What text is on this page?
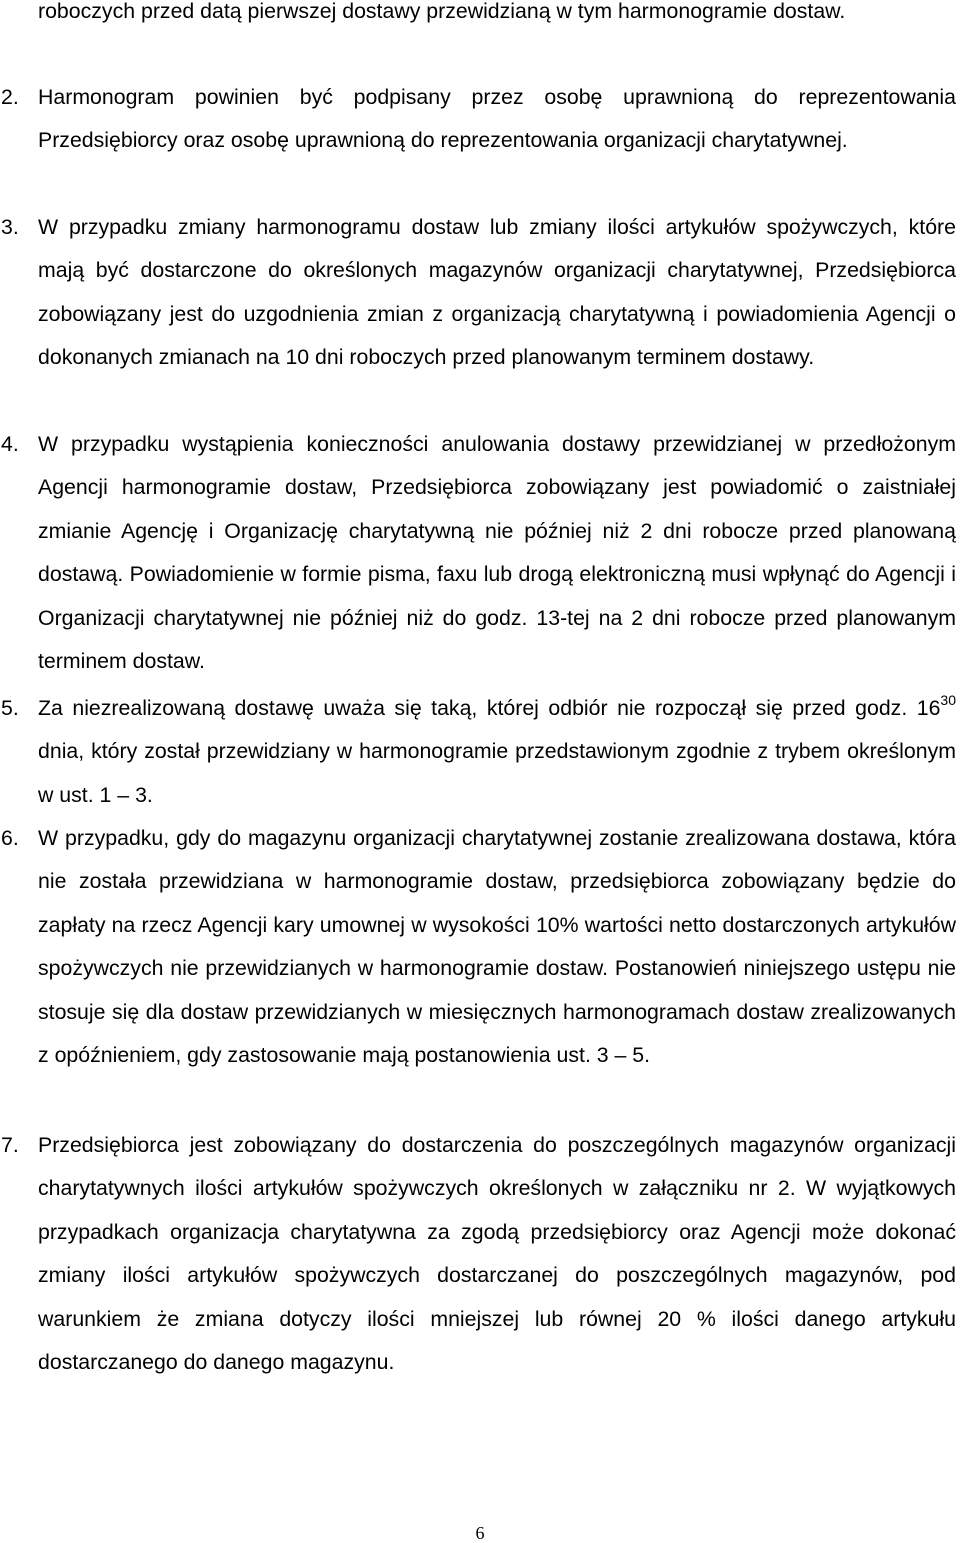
roboczych przed datą pierwszej dostawy przewidzianą w tym harmonogramie dostaw.

2. Harmonogram powinien być podpisany przez osobę uprawnioną do reprezentowania Przedsiębiorcy oraz osobę uprawnioną do reprezentowania organizacji charytatywnej.

3. W przypadku zmiany harmonogramu dostaw lub zmiany ilości artykułów spożywczych, które mają być dostarczone do określonych magazynów organizacji charytatywnej, Przedsiębiorca zobowiązany jest do uzgodnienia zmian z organizacją charytatywną i powiadomienia Agencji o dokonanych zmianach na 10 dni roboczych przed planowanym terminem dostawy.

4. W przypadku wystąpienia konieczności anulowania dostawy przewidzianej w przedłożonym Agencji harmonogramie dostaw, Przedsiębiorca zobowiązany jest powiadomić o zaistniałej zmianie Agencję i Organizację charytatywną nie później niż 2 dni robocze przed planowaną dostawą. Powiadomienie w formie pisma, faxu lub drogą elektroniczną musi wpłynąć do Agencji i Organizacji charytatywnej nie później niż do godz. 13-tej na 2 dni robocze przed planowanym terminem dostaw.

5. Za niezrealizowaną dostawę uważa się taką, której odbiór nie rozpoczął się przed godz. $16^{30}$ dnia, który został przewidziany w harmonogramie przedstawionym zgodnie z trybem określonym w ust. 1 – 3.

6. W przypadku, gdy do magazynu organizacji charytatywnej zostanie zrealizowana dostawa, która nie została przewidziana w harmonogramie dostaw, przedsiębiorca zobowiązany będzie do zapłaty na rzecz Agencji kary umownej w wysokości 10% wartości netto dostarczonych artykułów spożywczych nie przewidzianych w harmonogramie dostaw. Postanowień niniejszego ustępu nie stosuje się dla dostaw przewidzianych w miesięcznych harmonogramach dostaw zrealizowanych z opóźnieniem, gdy zastosowanie mają postanowienia ust. 3 – 5.

7. Przedsiębiorca jest zobowiązany do dostarczenia do poszczególnych magazynów organizacji charytatywnych ilości artykułów spożywczych określonych w załączniku nr 2. W wyjątkowych przypadkach organizacja charytatywna za zgodą przedsiębiorcy oraz Agencji może dokonać zmiany ilości artykułów spożywczych dostarczanej do poszczególnych magazynów, pod warunkiem że zmiana dotyczy ilości mniejszej lub równej 20 % ilości danego artykułu dostarczanego do danego magazynu.

6
